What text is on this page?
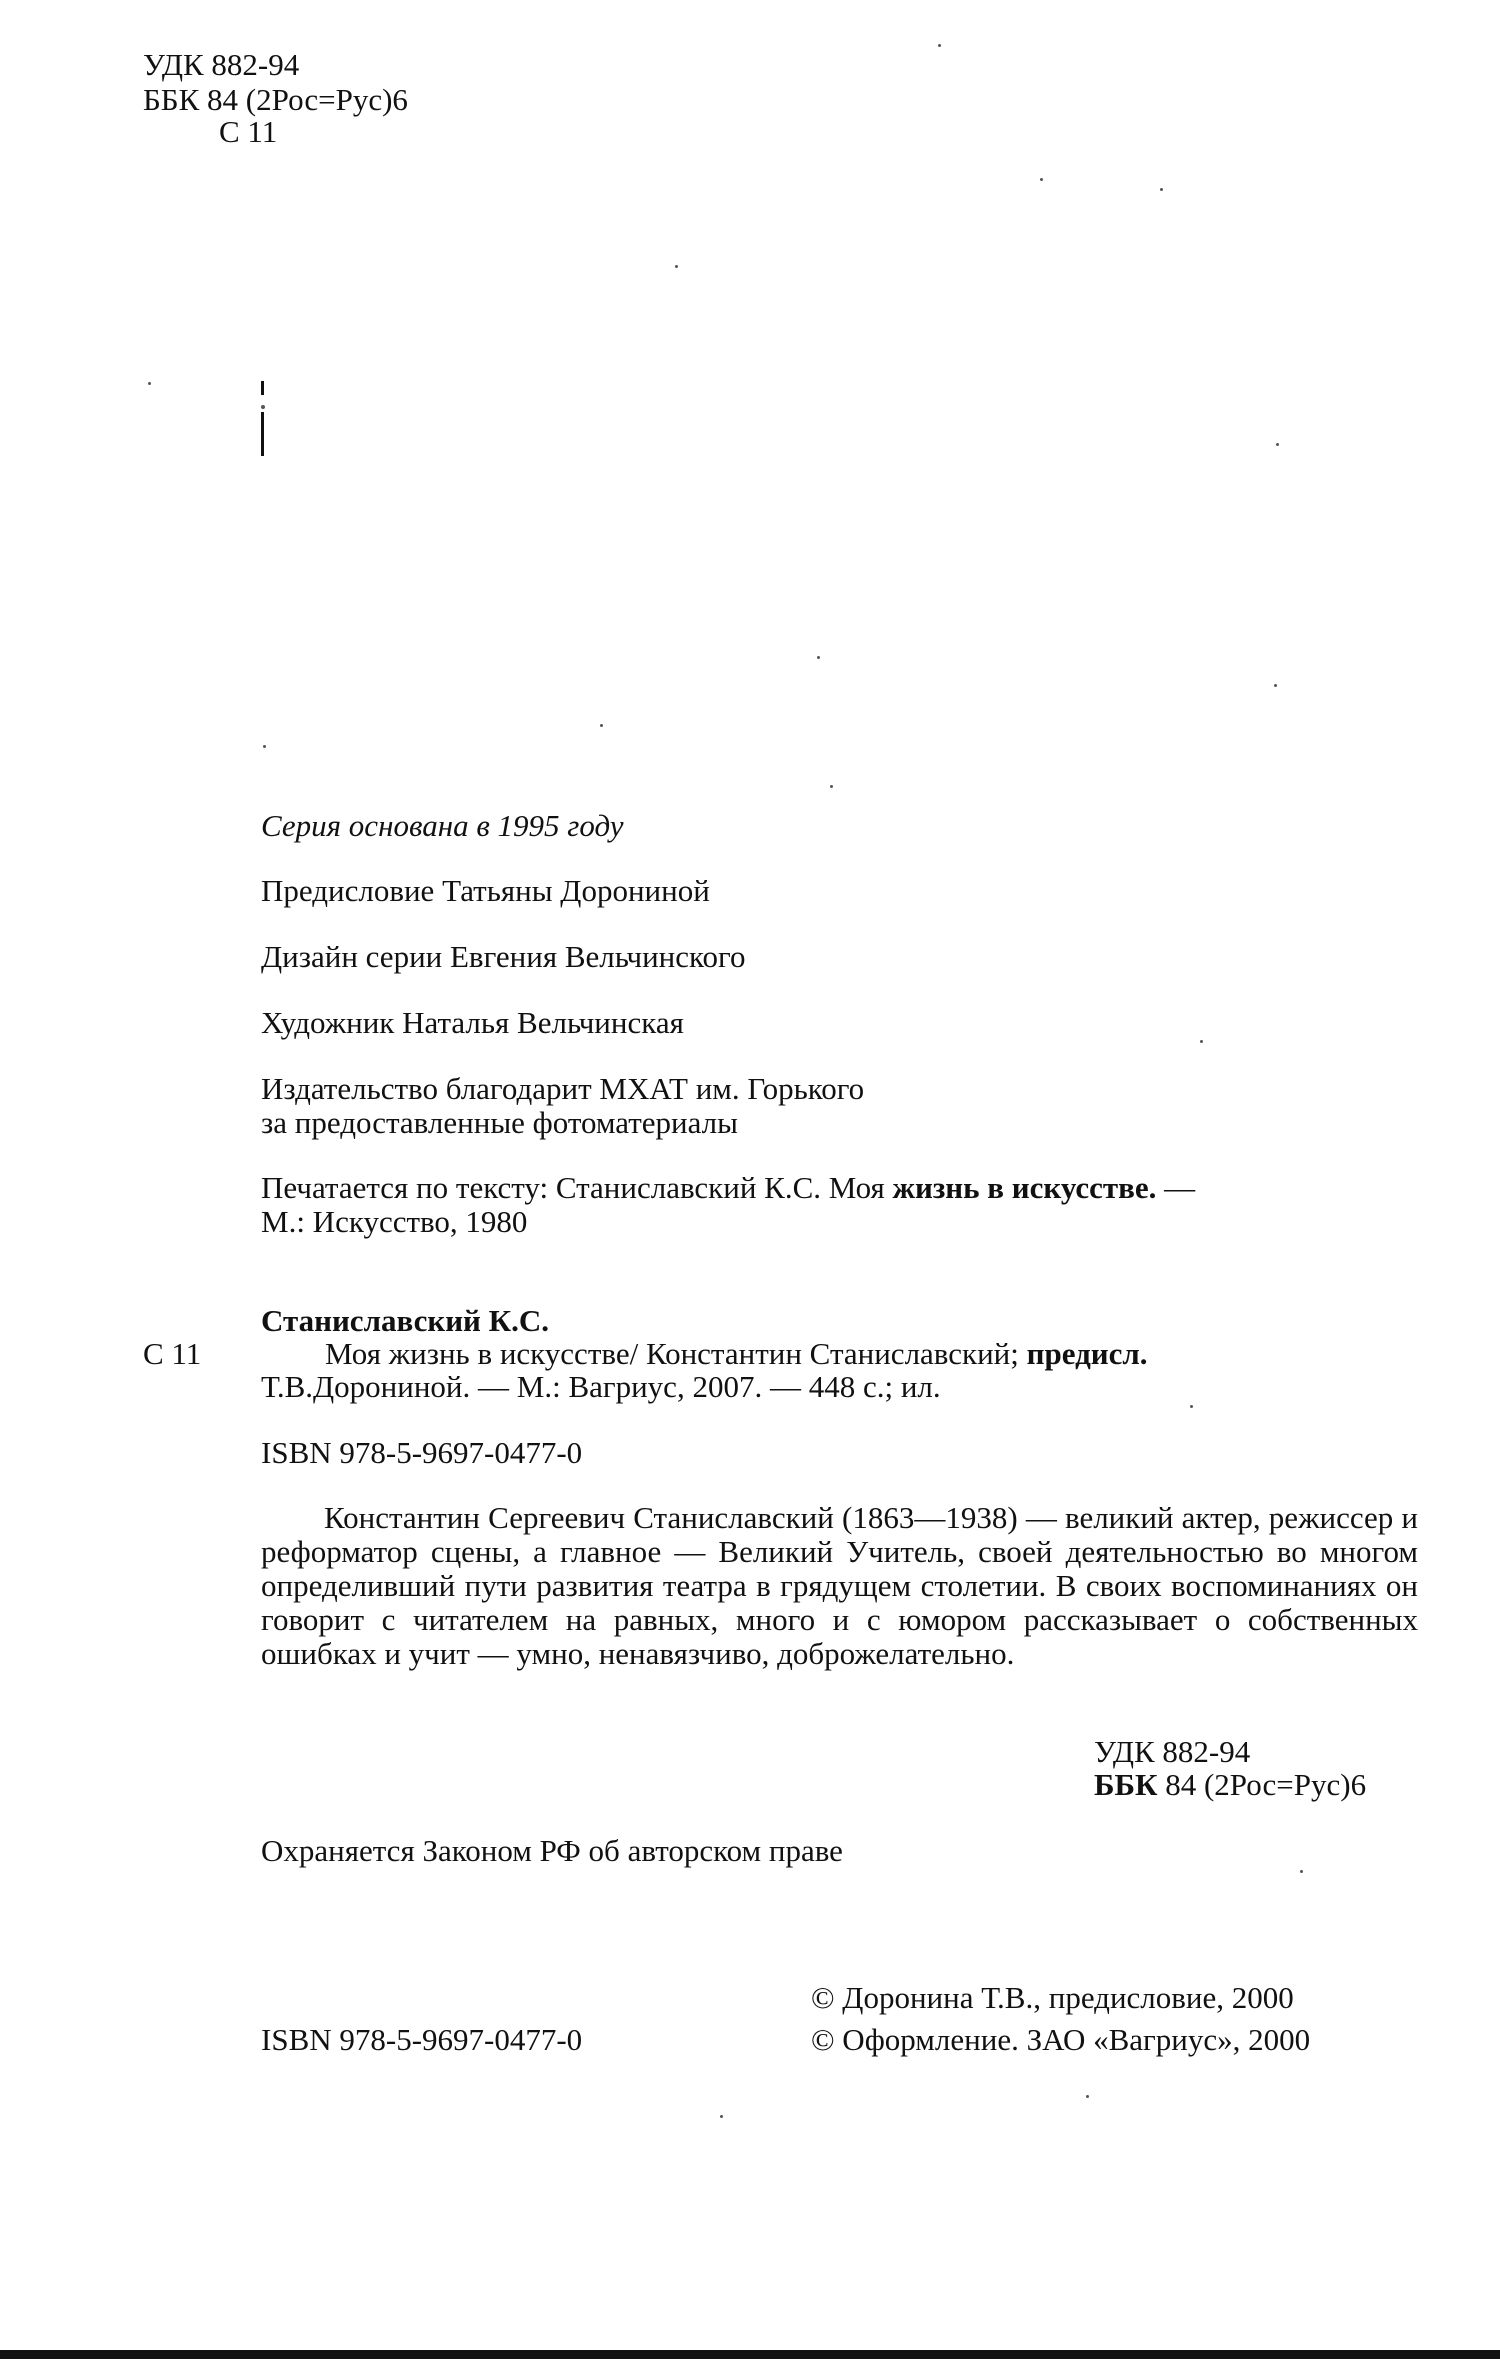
УДК 882-94
ББК 84 (2Рос=Рус)6
С 11
Серия основана в 1995 году
Предисловие Татьяны Дорониной
Дизайн серии Евгения Вельчинского
Художник Наталья Вельчинская
Издательство благодарит МХАТ им. Горького
за предоставленные фотоматериалы
Печатается по тексту: Станиславский К.С. Моя жизнь в искусстве. —
М.: Искусство, 1980
Станиславский К.С.
С 11	Моя жизнь в искусстве/ Константин Станиславский; предисл.
Т.В.Дорониной. — М.: Вагриус, 2007. — 448 с.; ил.
ISBN 978-5-9697-0477-0

Константин Сергеевич Станиславский (1863—1938) — великий актер, режиссер и реформатор сцены, а главное — Великий Учитель, своей деятельностью во многом определивший пути развития театра в грядущем столетии. В своих воспоминаниях он говорит с читателем на равных, много и с юмором рассказывает о собственных ошибках и учит — умно, ненавязчиво, доброжелательно.

УДК 882-94
ББК 84 (2Рос=Рус)6
Охраняется Законом РФ об авторском праве
© Доронина Т.В., предисловие, 2000
ISBN 978-5-9697-0477-0	© Оформление. ЗАО «Вагриус», 2000
